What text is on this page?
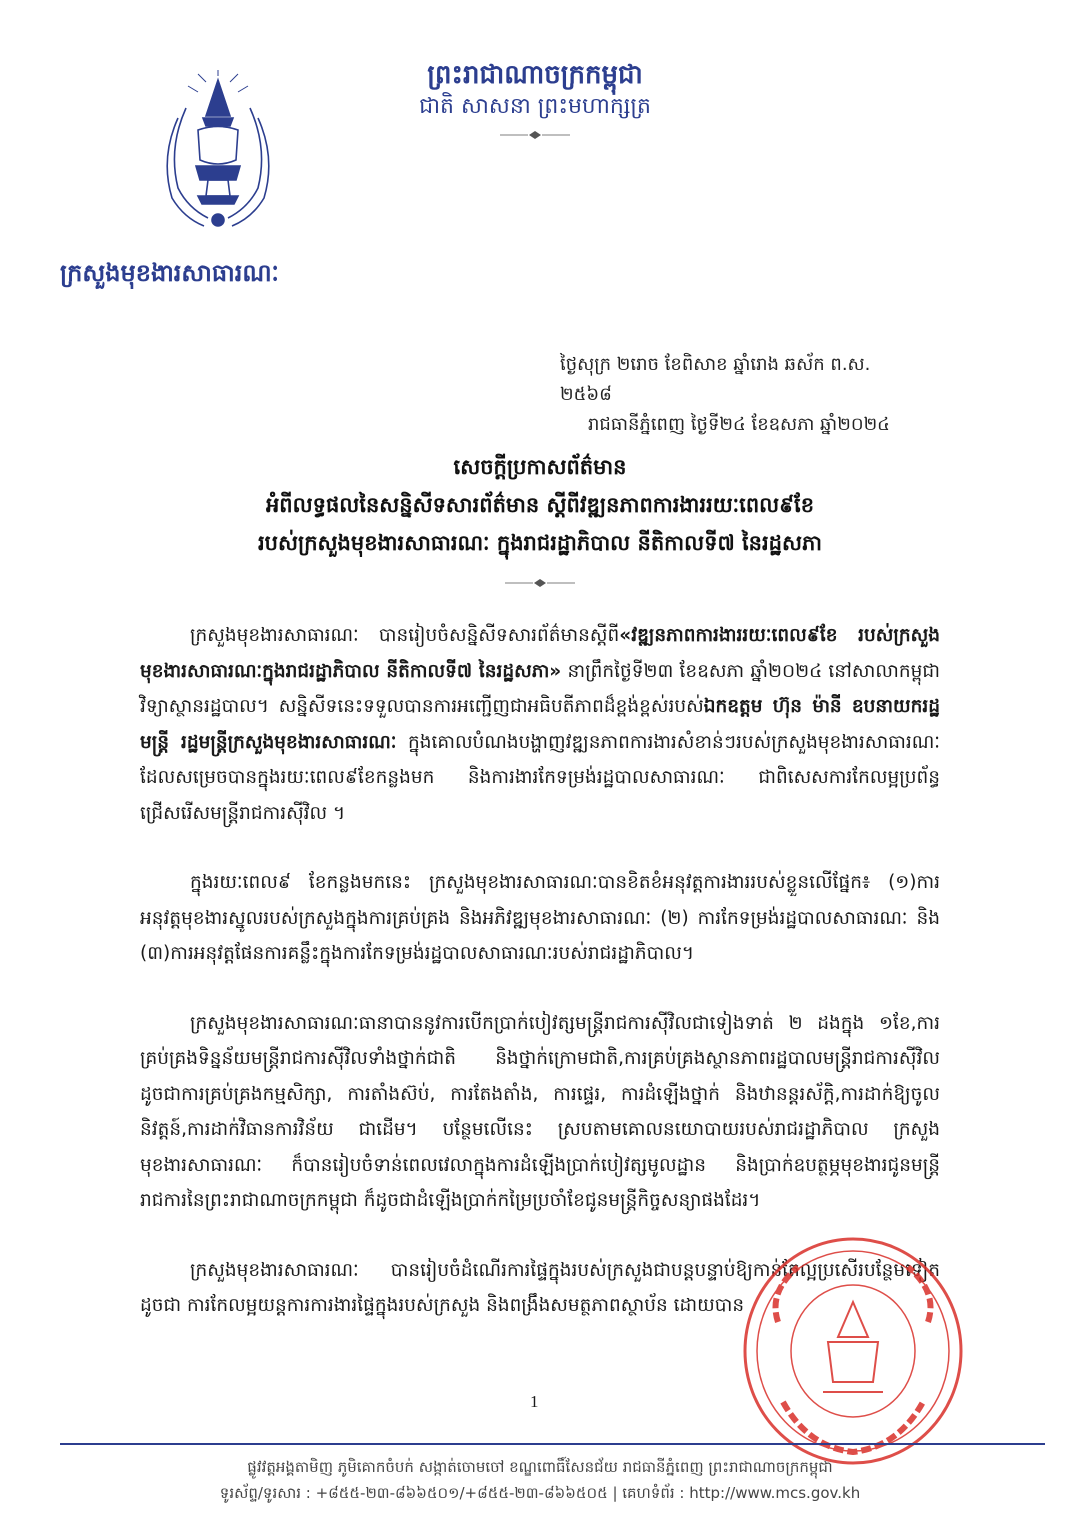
ព្រះរាជាណាចក្រកម្ពុជា
ជាតិ សាសនា ព្រះមហាក្សត្រ
ក្រសួងមុខងារសាធារណៈ
ថ្ងៃសុក្រ ២រោច ខែពិសាខ ឆ្នាំរោង ឆស័ក ព.ស. ២៥៦៨
រាជធានីភ្នំពេញ ថ្ងៃទី២៤ ខែឧសភា ឆ្នាំ២០២៤
សេចក្តីប្រកាសព័ត៌មាន
អំពីលទ្ធផលនៃសន្និសីទសារព័ត៌មាន ស្តីពីវឌ្ឍនភាពការងាររយៈពេល៩ខែ
របស់ក្រសួងមុខងារសាធារណៈ ក្នុងរាជរដ្ឋាភិបាល នីតិកាលទី៧ នៃរដ្ឋសភា

ក្រសួងមុខងារសាធារណៈ បានរៀបចំសន្និសីទសារព័ត៌មានស្តីពី«វឌ្ឍនភាពការងាររយៈពេល៩ខែ របស់ក្រសួងមុខងារសាធារណៈក្នុងរាជរដ្ឋាភិបាល នីតិកាលទី៧ នៃរដ្ឋសភា» នាព្រឹកថ្ងៃទី២៣ ខែឧសភា ឆ្នាំ២០២៤ នៅសាលាកម្ពុជាវិទ្យាស្ថានរដ្ឋបាល។ សន្និសីទនេះទទួលបានការអញ្ជើញជាអធិបតីភាពដ៏ខ្ពង់ខ្ពស់របស់ឯកឧត្តម ហ៊ុន ម៉ានី ឧបនាយករដ្ឋមន្ត្រី រដ្ឋមន្ត្រីក្រសួងមុខងារសាធារណៈ ក្នុងគោលបំណងបង្ហាញវឌ្ឍនភាពការងារសំខាន់ៗរបស់ក្រសួងមុខងារសាធារណៈ ដែលសម្រេចបានក្នុងរយៈពេល៩ខែកន្លងមក និងការងារកែទម្រង់រដ្ឋបាលសាធារណៈ ជាពិសេសការកែលម្អប្រព័ន្ធជ្រើសរើសមន្ត្រីរាជការស៊ីវិល ។

ក្នុងរយៈពេល៩ ខែកន្លងមកនេះ ក្រសួងមុខងារសាធារណៈបានខិតខំអនុវត្តការងាររបស់ខ្លួនលើផ្នែក៖ (១)ការអនុវត្តមុខងារស្នូលរបស់ក្រសួងក្នុងការគ្រប់គ្រង និងអភិវឌ្ឍមុខងារសាធារណៈ (២) ការកែទម្រង់រដ្ឋបាលសាធារណៈ និង (៣)ការអនុវត្តផែនការគន្លឹះក្នុងការកែទម្រង់រដ្ឋបាលសាធារណៈរបស់រាជរដ្ឋាភិបាល។

ក្រសួងមុខងារសាធារណៈធានាបាននូវការបើកប្រាក់បៀវត្សមន្ត្រីរាជការស៊ីវិលជាទៀងទាត់ ២ ដងក្នុង ១ខែ,ការគ្រប់គ្រងទិន្នន័យមន្ត្រីរាជការស៊ីវិលទាំងថ្នាក់ជាតិ និងថ្នាក់ក្រោមជាតិ,ការគ្រប់គ្រងស្ថានភាពរដ្ឋបាលមន្ត្រីរាជការស៊ីវិល ដូចជាការគ្រប់គ្រងកម្មសិក្សា, ការតាំងស៊ប់, ការតែងតាំង, ការផ្ទេរ, ការដំឡើងថ្នាក់ និងឋានន្តរស័ក្តិ,ការដាក់ឱ្យចូលនិវត្តន៍,ការដាក់វិធានការវិន័យ ជាដើម។ បន្ថែមលើនេះ ស្របតាមគោលនយោបាយរបស់រាជរដ្ឋាភិបាល ក្រសួងមុខងារសាធារណៈ ក៏បានរៀបចំទាន់ពេលវេលាក្នុងការដំឡើងប្រាក់បៀវត្សមូលដ្ឋាន និងប្រាក់ឧបត្ថម្ភមុខងារជូនមន្ត្រីរាជការនៃព្រះរាជាណាចក្រកម្ពុជា ក៏ដូចជាដំឡើងប្រាក់កម្រៃប្រចាំខែជូនមន្ត្រីកិច្ចសន្យាផងដែរ។

ក្រសួងមុខងារសាធារណៈ បានរៀបចំដំណើរការផ្ទៃក្នុងរបស់ក្រសួងជាបន្តបន្ទាប់ឱ្យកាន់តែល្អប្រសើរបន្ថែមទៀតដូចជា ការកែលម្អយន្តការការងារផ្ទៃក្នុងរបស់ក្រសួង និងពង្រឹងសមត្ថភាពស្ថាប័ន ដោយបាន

1
ផ្លូវវត្តអង្គតាមិញ ភូមិគោកចំបក់ សង្កាត់ចោមចៅ ខណ្ឌពោធិ៍សែនជ័យ រាជធានីភ្នំពេញ ព្រះរាជាណាចក្រកម្ពុជា
ទូរស័ព្ទ/ទូរសារ : +៨៥៥-២៣-៨៦៦៥០១/+៨៥៥-២៣-៨៦៦៥០៥ | គេហទំព័រ : http://www.mcs.gov.kh
